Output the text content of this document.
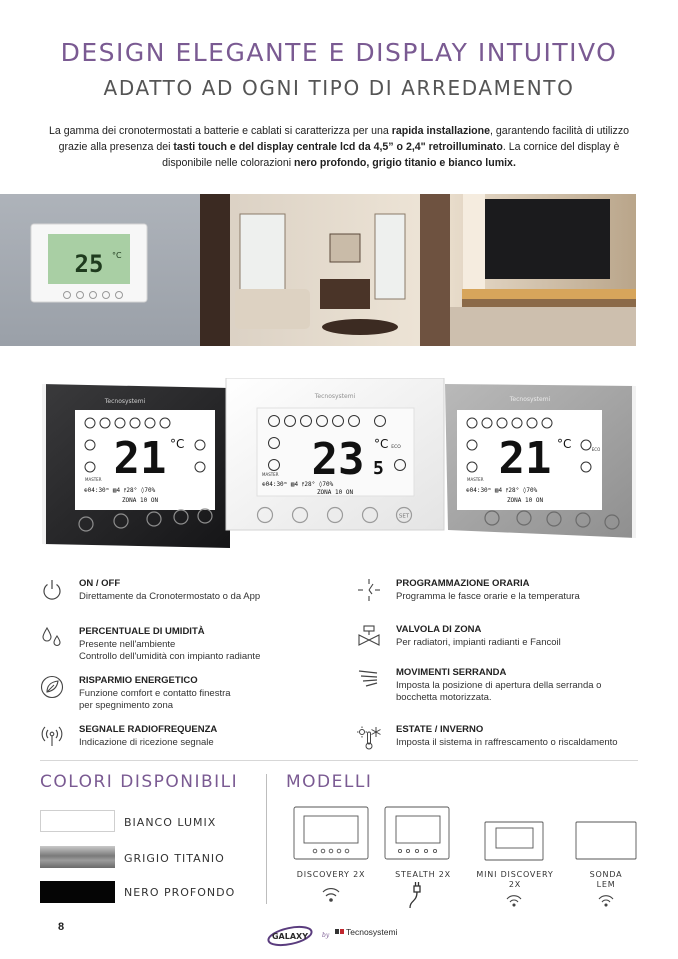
DESIGN ELEGANTE E DISPLAY INTUITIVO
ADATTO AD OGNI TIPO DI ARREDAMENTO
La gamma dei cronotermostati a batterie e cablati si caratterizza per una rapida installazione, garantendo facilità di utilizzo grazie alla presenza dei tasti touch e del display centrale lcd da 4,5” o 2,4" retroilluminato. La cornice del display è disponibile nelle colorazioni nero profondo, grigio titanio e bianco lumix.
25 °C
Tecnosystemi
21 °C
MASTER
⊕04:30ᵐ ▨4 ⫯28° ◊70%
ZONA 10 ON
Tecnosystemi
21 °C
MASTER
⊕04:30ᵐ ▨4 ⫯28° ◊70%
ZONA 10 ON
ECO
Tecnosystemi
23 °C
5
ECO
MASTER
⊕04:30ᵐ ▨4 ⫯28° ◊70%
ZONA 10 ON
SET
ON / OFF
Direttamente da Cronotermostato o da App
PROGRAMMAZIONE ORARIA
Programma le fasce orarie e la temperatura
PERCENTUALE DI UMIDITÀ
Presente nell'ambiente
Controllo dell'umidità con impianto radiante
VALVOLA DI ZONA
Per radiatori, impianti radianti e Fancoil
RISPARMIO ENERGETICO
Funzione comfort e contatto finestra
per spegnimento zona
MOVIMENTI SERRANDA
Imposta la posizione di apertura della serranda o
bocchetta motorizzata.
SEGNALE RADIOFREQUENZA
Indicazione di ricezione segnale
ESTATE / INVERNO
Imposta il sistema in raffrescamento o riscaldamento
COLORI DISPONIBILI
BIANCO LUMIX
GRIGIO TITANIO
NERO PROFONDO
MODELLI
DISCOVERY 2X	STEALTH 2X	MINI DISCOVERY
2X
SONDA
LEM
8
GALAXY by Tecnosystemi
